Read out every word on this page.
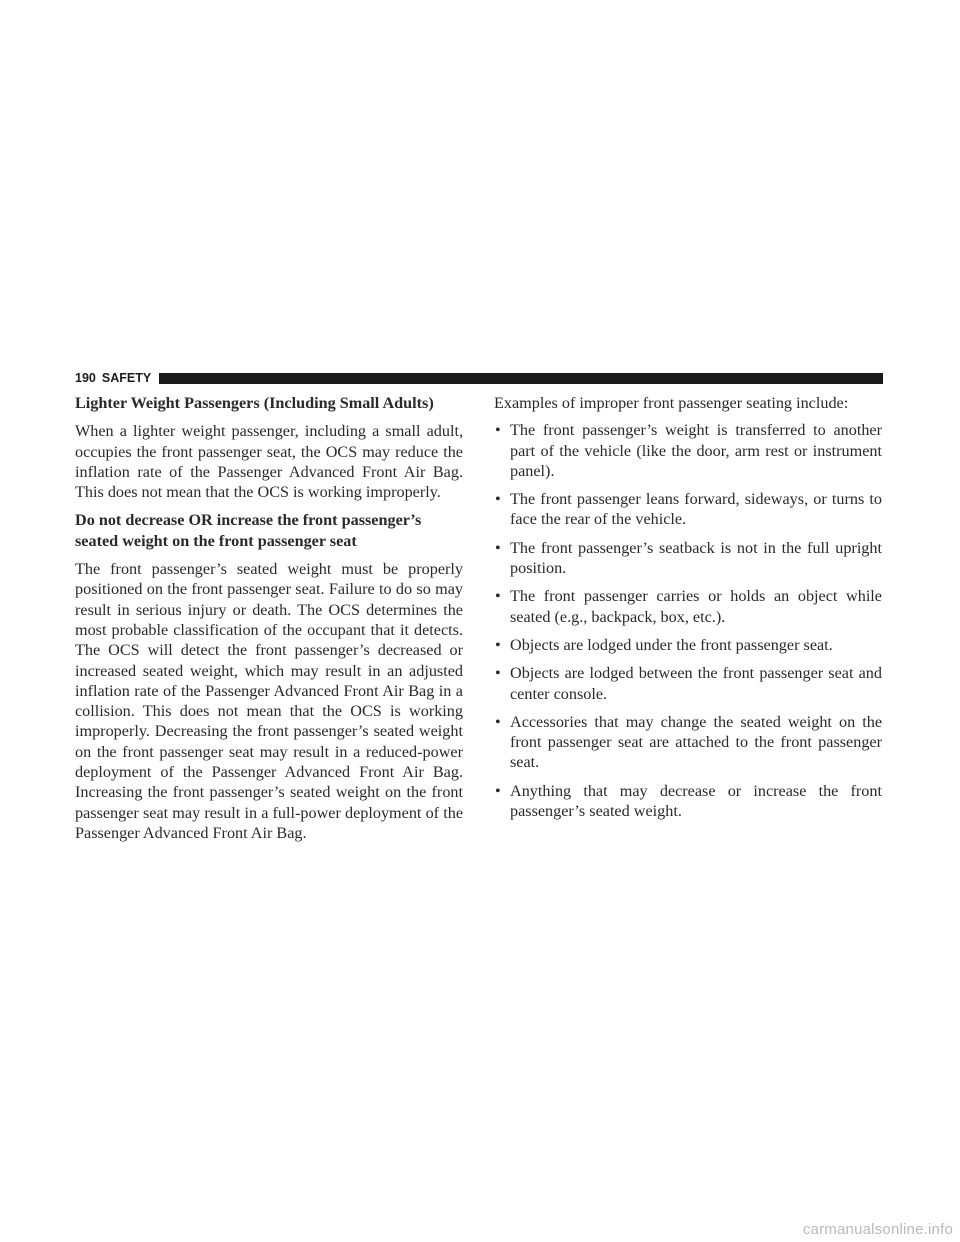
190 SAFETY
Lighter Weight Passengers (Including Small Adults)

When a lighter weight passenger, including a small adult, occupies the front passenger seat, the OCS may reduce the inflation rate of the Passenger Advanced Front Air Bag. This does not mean that the OCS is working improperly.

Do not decrease OR increase the front passenger’s seated weight on the front passenger seat

The front passenger’s seated weight must be properly positioned on the front passenger seat. Failure to do so may result in serious injury or death. The OCS determines the most probable classification of the occupant that it detects. The OCS will detect the front passenger’s decreased or increased seated weight, which may result in an adjusted inflation rate of the Passenger Advanced Front Air Bag in a collision. This does not mean that the OCS is working improperly. Decreasing the front passenger’s seated weight on the front passenger seat may result in a reduced-power deployment of the Passenger Advanced Front Air Bag. Increasing the front passenger’s seated weight on the front passenger seat may result in a full-power deployment of the Passenger Advanced Front Air Bag.

Examples of improper front passenger seating include:

• The front passenger’s weight is transferred to another part of the vehicle (like the door, arm rest or instrument panel).
• The front passenger leans forward, sideways, or turns to face the rear of the vehicle.
• The front passenger’s seatback is not in the full upright position.
• The front passenger carries or holds an object while seated (e.g., backpack, box, etc.).
• Objects are lodged under the front passenger seat.
• Objects are lodged between the front passenger seat and center console.
• Accessories that may change the seated weight on the front passenger seat are attached to the front passenger seat.
• Anything that may decrease or increase the front passenger’s seated weight.
carmanualsonline.info
